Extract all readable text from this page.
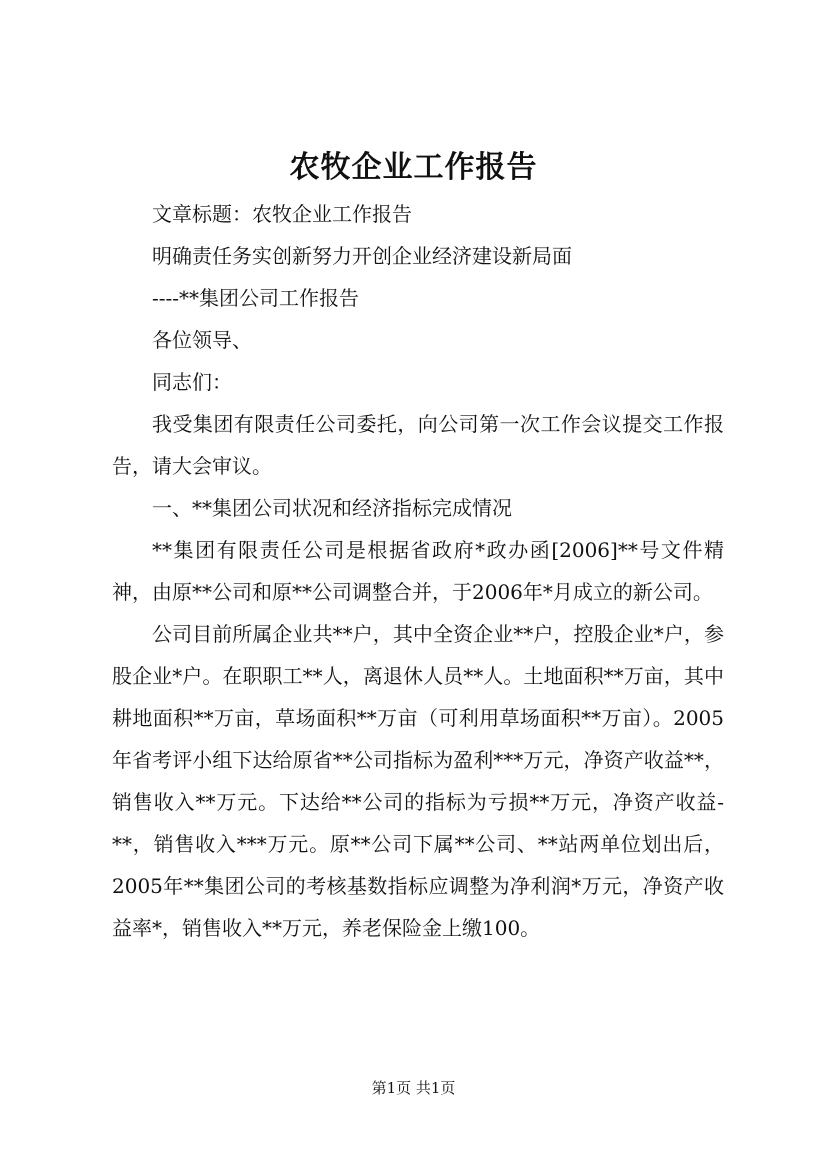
农牧企业工作报告

文章标题：农牧企业工作报告

明确责任务实创新努力开创企业经济建设新局面

----**集团公司工作报告

各位领导、

同志们：

我受集团有限责任公司委托，向公司第一次工作会议提交工作报告，请大会审议。

一、**集团公司状况和经济指标完成情况

**集团有限责任公司是根据省政府*政办函[2006]**号文件精神，由原**公司和原**公司调整合并，于2006年*月成立的新公司。

公司目前所属企业共**户，其中全资企业**户，控股企业*户，参股企业*户。在职职工**人，离退休人员**人。土地面积**万亩，其中耕地面积**万亩，草场面积**万亩（可利用草场面积**万亩）。2005年省考评小组下达给原省**公司指标为盈利***万元，净资产收益**，销售收入**万元。下达给**公司的指标为亏损**万元，净资产收益-**，销售收入***万元。原**公司下属**公司、**站两单位划出后，2005年**集团公司的考核基数指标应调整为净利润*万元，净资产收益率*，销售收入**万元，养老保险金上缴100。

第1页 共1页
